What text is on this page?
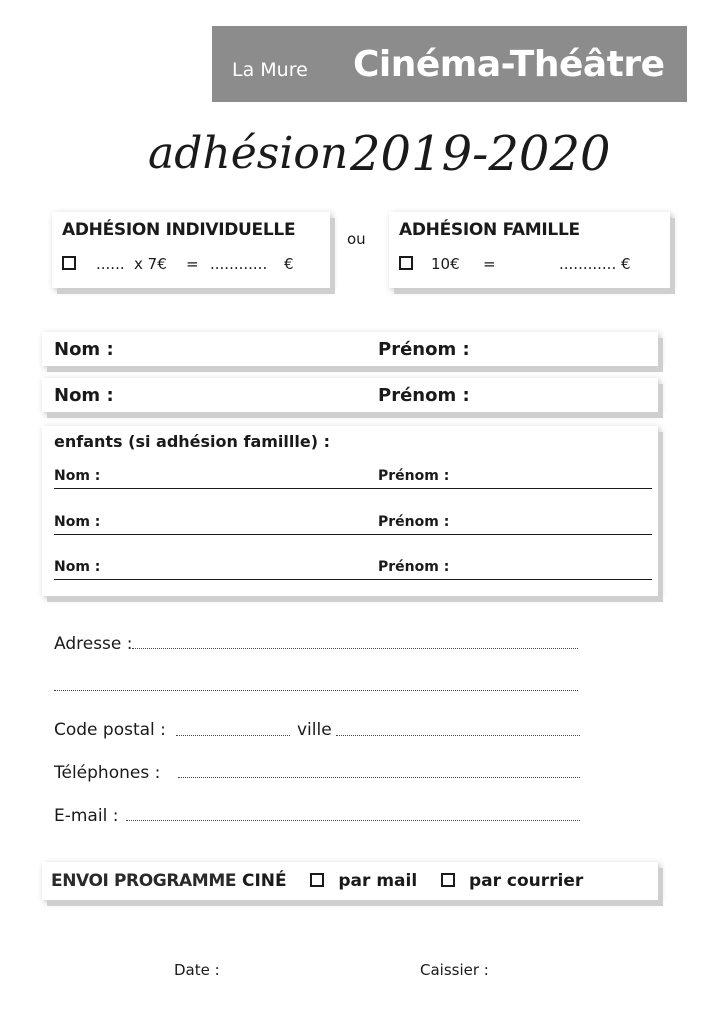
La Mure Cinéma-Théâtre
adhésion 2019-2020
ADHÉSION INDIVIDUELLE
...... x 7€ = ............ €
ou ADHÉSION FAMILLE
10€ =	............ €
Nom :	Prénom :
Nom :	Prénom :
enfants (si adhésion famillle) :
Nom :	Prénom :
Nom :	Prénom :
Nom :	Prénom :
Adresse :
Code postal :	ville
Téléphones :
E-mail :
ENVOI PROGRAMME CINÉ	par mail	par courrier
Date :	Caissier :
